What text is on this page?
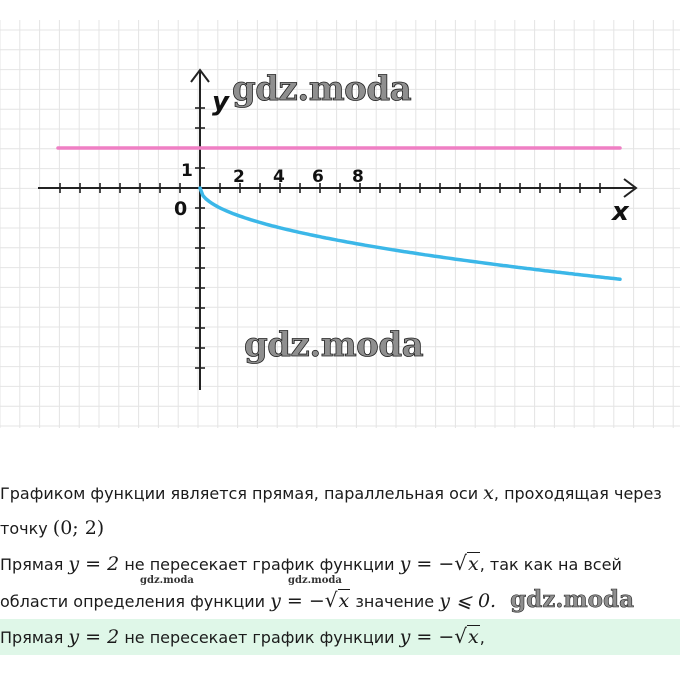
x
y
0
1 2 4 6 8
gdz.moda
gdz.moda
Графиком функции является прямая, параллельная оси x, проходящая через
точку (0; 2)
Прямая y = 2 не пересекает график функции y = −√x, так как на всей
области определения функции
gdz.moda
y = −
gdz.moda
√x значение y ⩽ 0. gdz.moda
Прямая y = 2 не пересекает график функции y = −√x,
